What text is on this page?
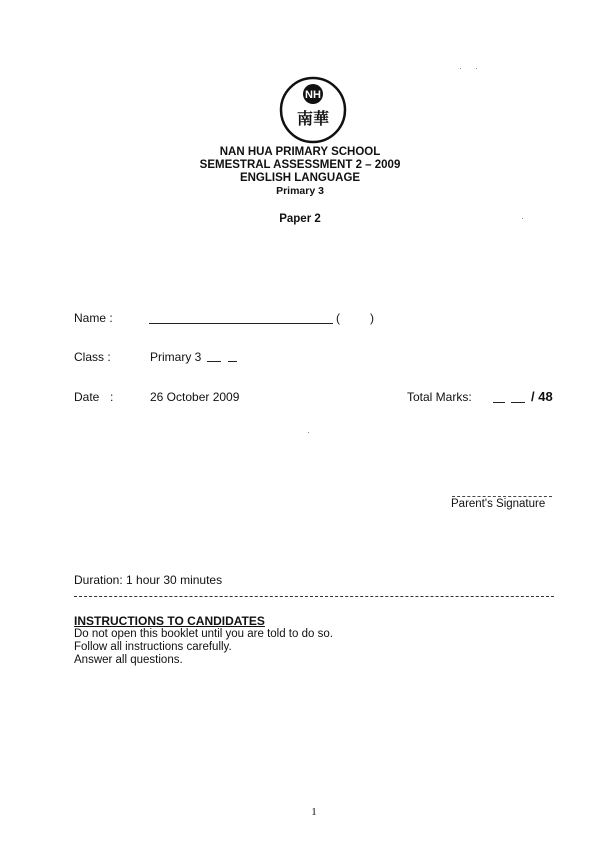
NH
南華
NAN HUA PRIMARY SCHOOL
SEMESTRAL ASSESSMENT 2 – 2009
ENGLISH LANGUAGE
Primary 3
Paper 2
Name :	(	)
Class :	Primary 3
Date :	26 October 2009	Total Marks:	/ 48
Parent's Signature
Duration: 1 hour 30 minutes
INSTRUCTIONS TO CANDIDATES
Do not open this booklet until you are told to do so.
Follow all instructions carefully.
Answer all questions.
1
